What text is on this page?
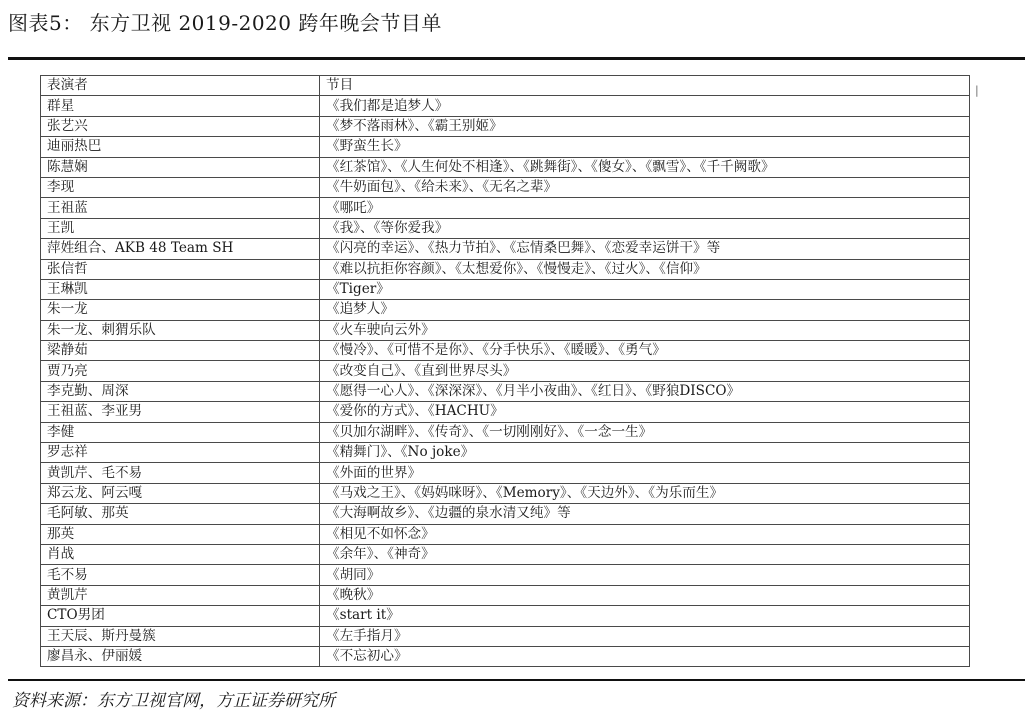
图表5： 东方卫视 2019-2020 跨年晚会节目单
表演者	节目
群星	《我们都是追梦人》
张艺兴	《梦不落雨林》、《霸王别姬》
迪丽热巴	《野蛮生长》
陈慧娴	《红茶馆》、《人生何处不相逢》、《跳舞街》、《傻女》、《飘雪》、《千千阙歌》
李现	《牛奶面包》、《给未来》、《无名之辈》
王祖蓝	《哪吒》
王凯	《我》、《等你爱我》
萍姓组合、AKB 48 Team SH	《闪亮的幸运》、《热力节拍》、《忘情桑巴舞》、《恋爱幸运饼干》等
张信哲	《难以抗拒你容颜》、《太想爱你》、《慢慢走》、《过火》、《信仰》
王琳凯	《Tiger》
朱一龙	《追梦人》
朱一龙、刺猬乐队	《火车驶向云外》
梁静茹	《慢冷》、《可惜不是你》、《分手快乐》、《暖暖》、《勇气》
贾乃亮	《改变自己》、《直到世界尽头》
李克勤、周深	《愿得一心人》、《深深深》、《月半小夜曲》、《红日》、《野狼DISCO》
王祖蓝、李亚男	《爱你的方式》、《HACHU》
李健	《贝加尔湖畔》、《传奇》、《一切刚刚好》、《一念一生》
罗志祥	《精舞门》、《No joke》
黄凯芹、毛不易	《外面的世界》
郑云龙、阿云嘎	《马戏之王》、《妈妈咪呀》、《Memory》、《天边外》、《为乐而生》
毛阿敏、那英	《大海啊故乡》、《边疆的泉水清又纯》等
那英	《相见不如怀念》
肖战	《余年》、《神奇》
毛不易	《胡同》
黄凯芹	《晚秋》
CTO男团	《start it》
王天辰、斯丹曼簇	《左手指月》
廖昌永、伊丽媛	《不忘初心》
|
资料来源：东方卫视官网，方正证券研究所
